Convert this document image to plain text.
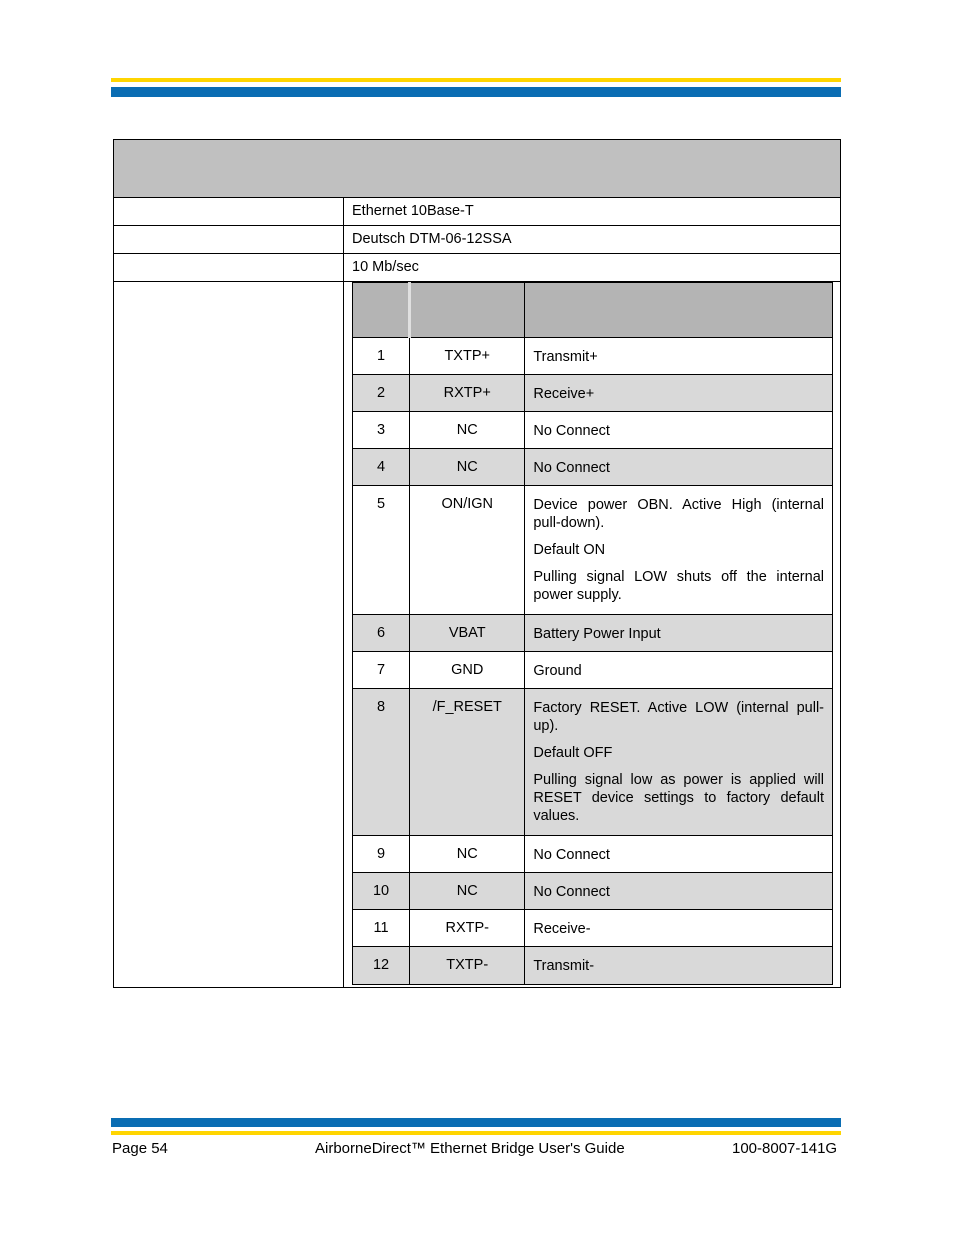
Ethernet 10Base-T
Deutsch DTM-06-12SSA
10 Mb/sec

1	TXTP+	Transmit+

2	RXTP+	Receive+

3	NC	No Connect

4	NC	No Connect

5	ON/IGN	Device power OBN. Active High (internal pull-down).

Default ON

Pulling signal LOW shuts off the internal power supply.

6	VBAT	Battery Power Input

7	GND	Ground

8	/F_RESET	Factory RESET. Active LOW (internal pull-up).

Default OFF

Pulling signal low as power is applied will RESET device settings to factory default values.

9	NC	No Connect

10	NC	No Connect

11	RXTP-	Receive-

12	TXTP-	Transmit-

Page 54	AirborneDirect™ Ethernet Bridge User's Guide	100-8007-141G
